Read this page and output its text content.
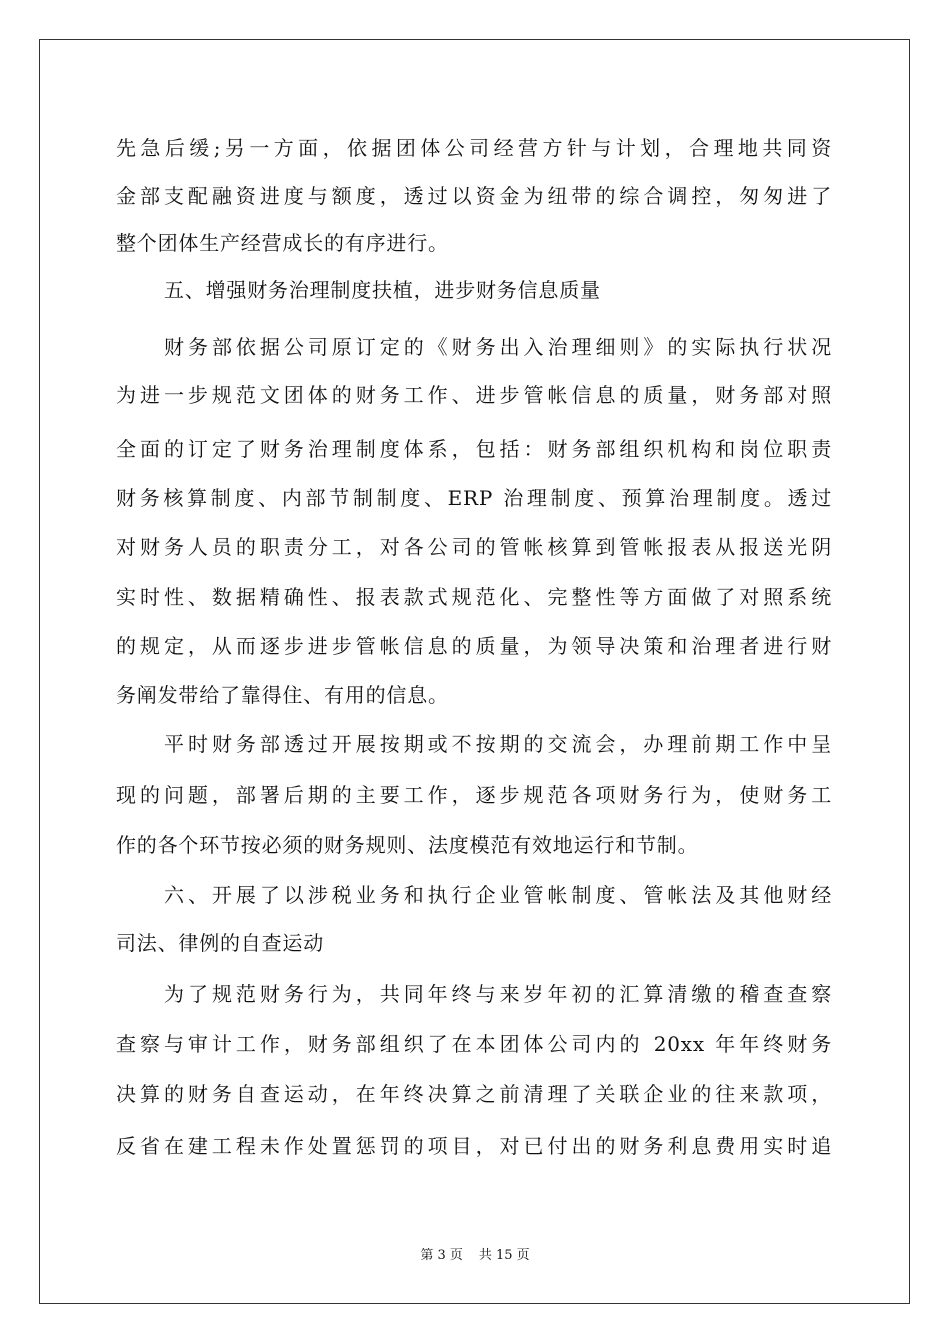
先急后缓;另一方面，依据团体公司经营方针与计划，合理地共同资
金部支配融资进度与额度，透过以资金为纽带的综合调控，匆匆进了
整个团体生产经营成长的有序进行。
五、增强财务治理制度扶植，进步财务信息质量
财务部依据公司原订定的《财务出入治理细则》的实际执行状况
为进一步规范文团体的财务工作、进步管帐信息的质量，财务部对照
全面的订定了财务治理制度体系，包括：财务部组织机构和岗位职责
财务核算制度、内部节制制度、ERP 治理制度、预算治理制度。透过
对财务人员的职责分工，对各公司的管帐核算到管帐报表从报送光阴
实时性、数据精确性、报表款式规范化、完整性等方面做了对照系统
的规定，从而逐步进步管帐信息的质量，为领导决策和治理者进行财
务阐发带给了靠得住、有用的信息。
平时财务部透过开展按期或不按期的交流会，办理前期工作中呈
现的问题，部署后期的主要工作，逐步规范各项财务行为，使财务工
作的各个环节按必须的财务规则、法度模范有效地运行和节制。
六、开展了以涉税业务和执行企业管帐制度、管帐法及其他财经
司法、律例的自查运动
为了规范财务行为，共同年终与来岁年初的汇算清缴的稽查查察
查察与审计工作，财务部组织了在本团体公司内的 20xx 年年终财务
决算的财务自查运动，在年终决算之前清理了关联企业的往来款项，
反省在建工程未作处置惩罚的项目，对已付出的财务利息费用实时追
第 3 页 共 15 页
